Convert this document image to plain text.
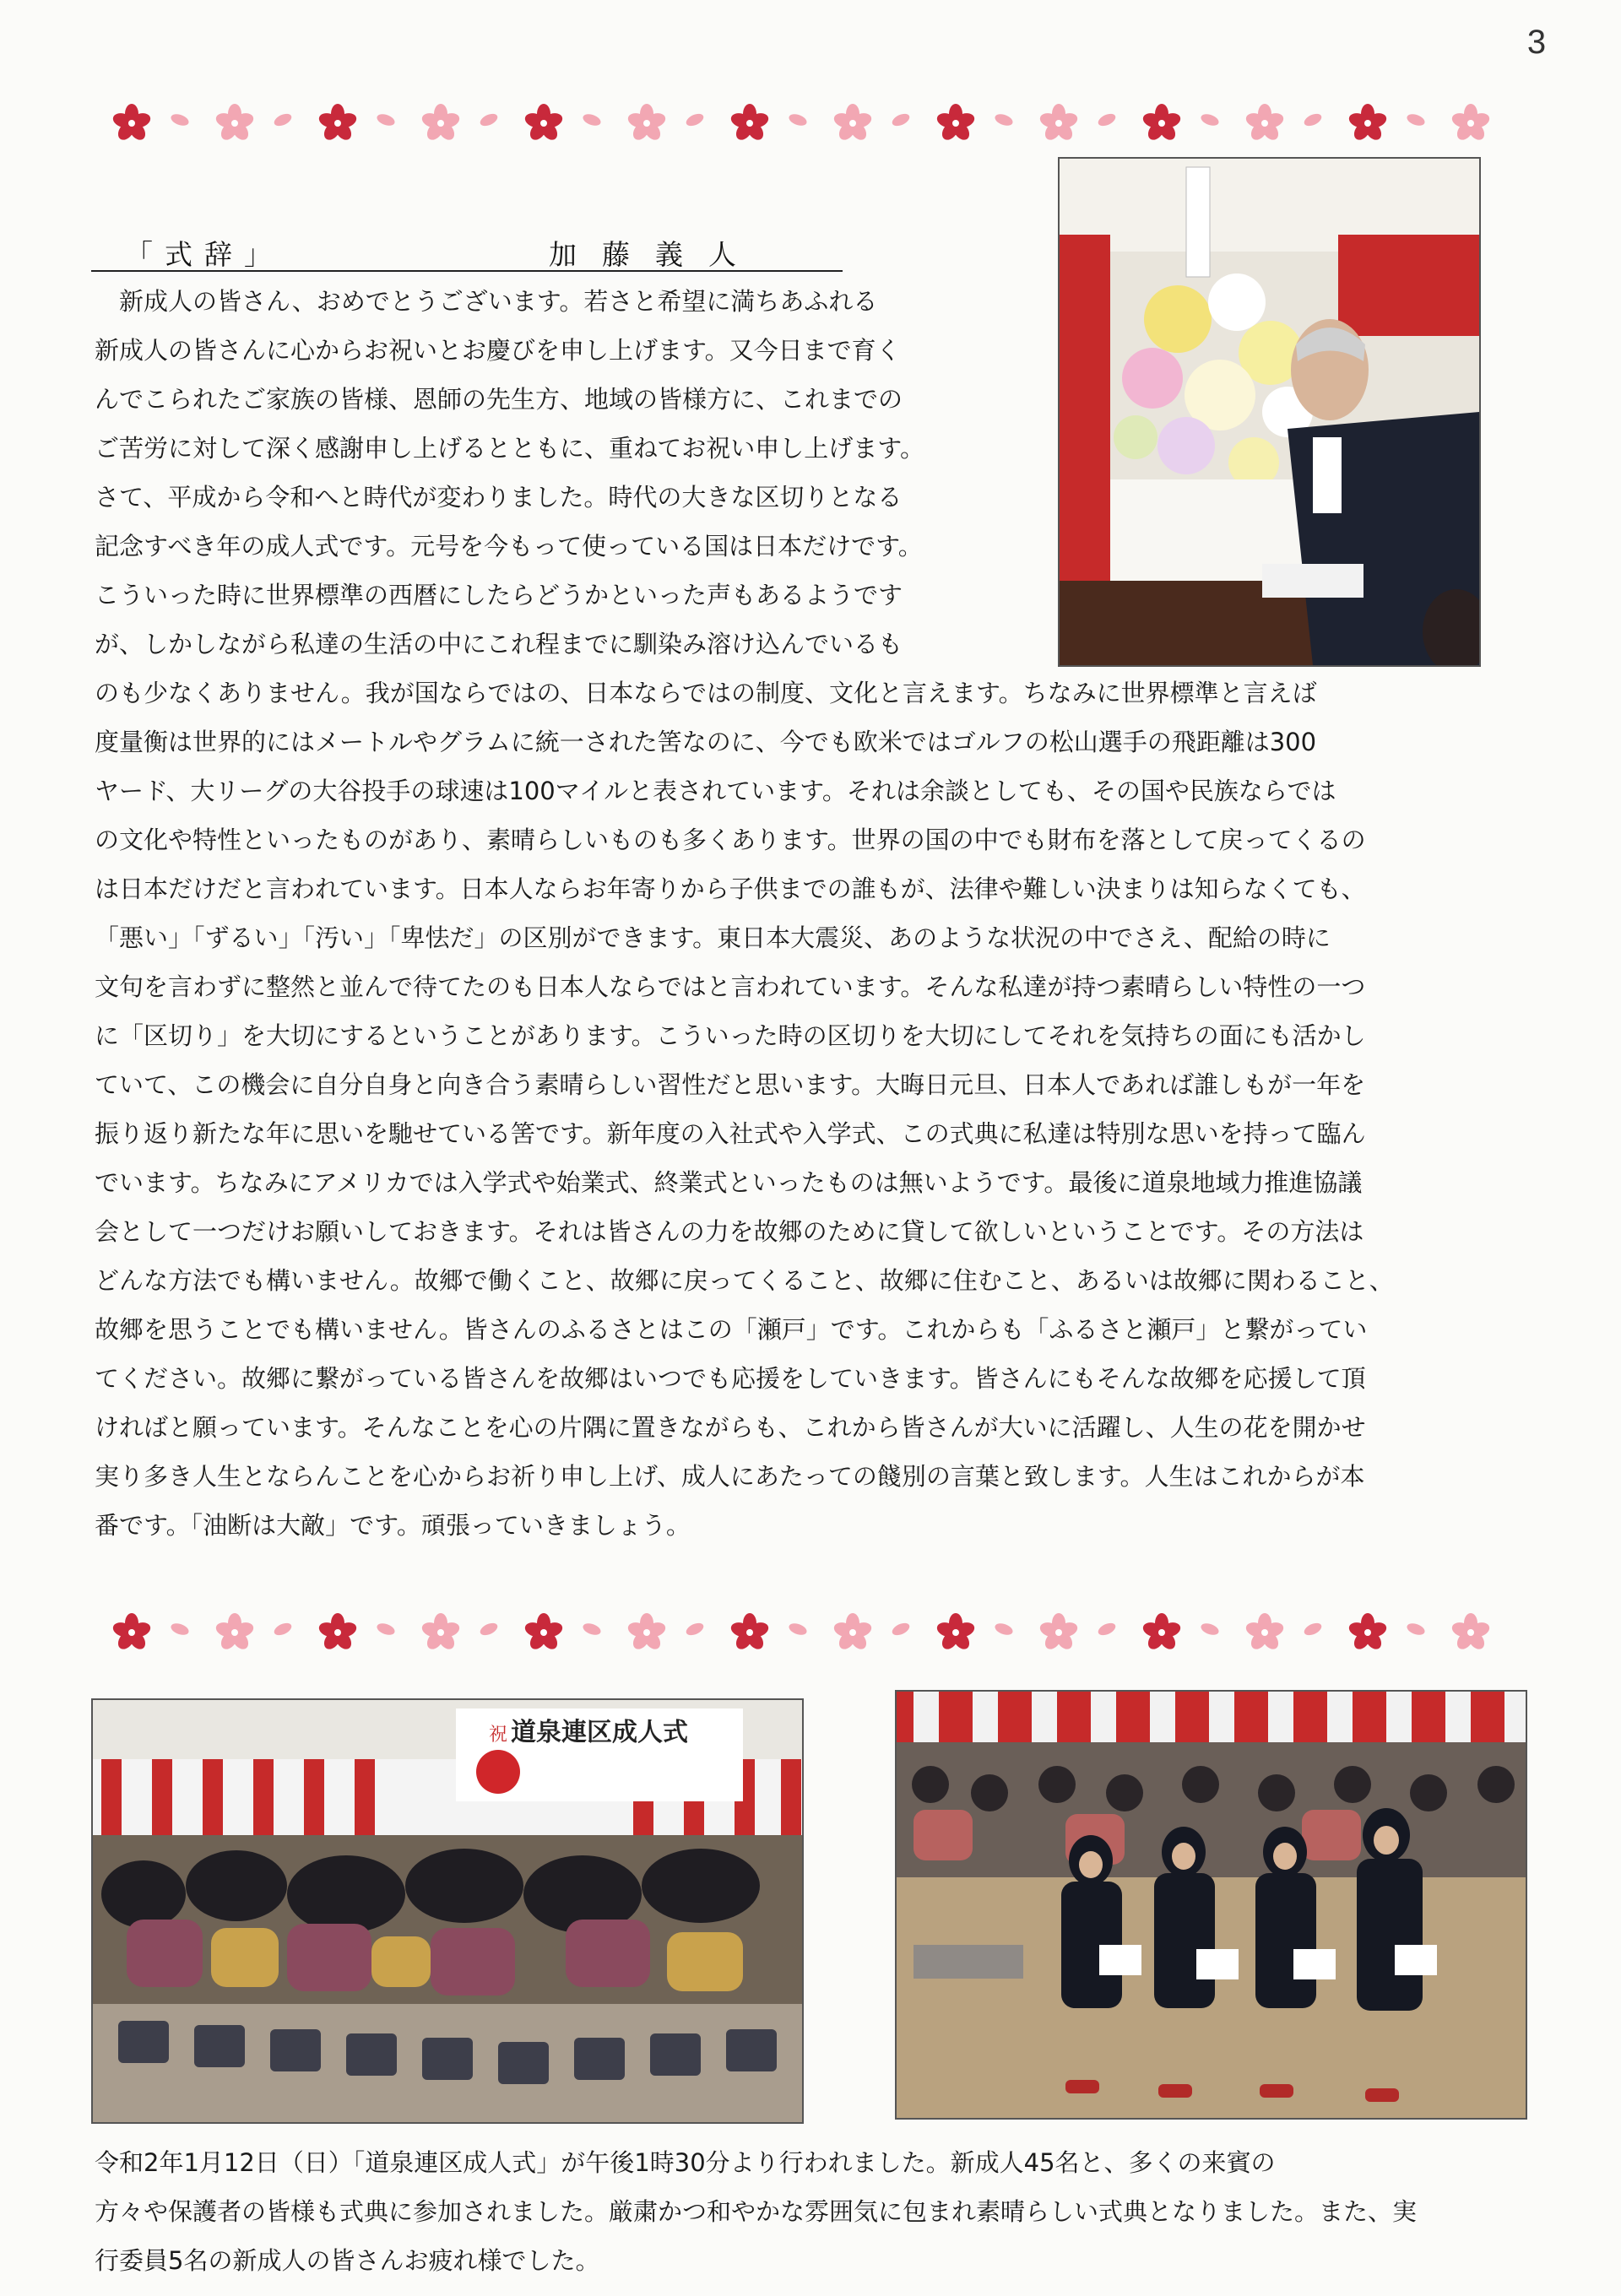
3
「式辞」	加藤義人
　新成人の皆さん、おめでとうございます。若さと希望に満ちあふれる
新成人の皆さんに心からお祝いとお慶びを申し上げます。又今日まで育く
んでこられたご家族の皆様、恩師の先生方、地域の皆様方に、これまでの
ご苦労に対して深く感謝申し上げるとともに、重ねてお祝い申し上げます。
さて、平成から令和へと時代が変わりました。時代の大きな区切りとなる
記念すべき年の成人式です。元号を今もって使っている国は日本だけです。
こういった時に世界標準の西暦にしたらどうかといった声もあるようです
が、しかしながら私達の生活の中にこれ程までに馴染み溶け込んでいるも
のも少なくありません。我が国ならではの、日本ならではの制度、文化と言えます。ちなみに世界標準と言えば
度量衡は世界的にはメートルやグラムに統一された筈なのに、今でも欧米ではゴルフの松山選手の飛距離は300
ヤード、大リーグの大谷投手の球速は100マイルと表されています。それは余談としても、その国や民族ならでは
の文化や特性といったものがあり、素晴らしいものも多くあります。世界の国の中でも財布を落として戻ってくるの
は日本だけだと言われています。日本人ならお年寄りから子供までの誰もが、法律や難しい決まりは知らなくても、
「悪い」「ずるい」「汚い」「卑怯だ」の区別ができます。東日本大震災、あのような状況の中でさえ、配給の時に
文句を言わずに整然と並んで待てたのも日本人ならではと言われています。そんな私達が持つ素晴らしい特性の一つ
に「区切り」を大切にするということがあります。こういった時の区切りを大切にしてそれを気持ちの面にも活かし
ていて、この機会に自分自身と向き合う素晴らしい習性だと思います。大晦日元旦、日本人であれば誰しもが一年を
振り返り新たな年に思いを馳せている筈です。新年度の入社式や入学式、この式典に私達は特別な思いを持って臨ん
でいます。ちなみにアメリカでは入学式や始業式、終業式といったものは無いようです。最後に道泉地域力推進協議
会として一つだけお願いしておきます。それは皆さんの力を故郷のために貸して欲しいということです。その方法は
どんな方法でも構いません。故郷で働くこと、故郷に戻ってくること、故郷に住むこと、あるいは故郷に関わること、
故郷を思うことでも構いません。皆さんのふるさとはこの「瀬戸」です。これからも「ふるさと瀬戸」と繋がってい
てください。故郷に繋がっている皆さんを故郷はいつでも応援をしていきます。皆さんにもそんな故郷を応援して頂
ければと願っています。そんなことを心の片隅に置きながらも、これから皆さんが大いに活躍し、人生の花を開かせ
実り多き人生とならんことを心からお祈り申し上げ、成人にあたっての餞別の言葉と致します。人生はこれからが本
番です。「油断は大敵」です。頑張っていきましょう。
祝 道泉連区成人式
令和2年1月12日（日）「道泉連区成人式」が午後1時30分より行われました。新成人45名と、多くの来賓の
方々や保護者の皆様も式典に参加されました。厳粛かつ和やかな雰囲気に包まれ素晴らしい式典となりました。また、実
行委員5名の新成人の皆さんお疲れ様でした。
